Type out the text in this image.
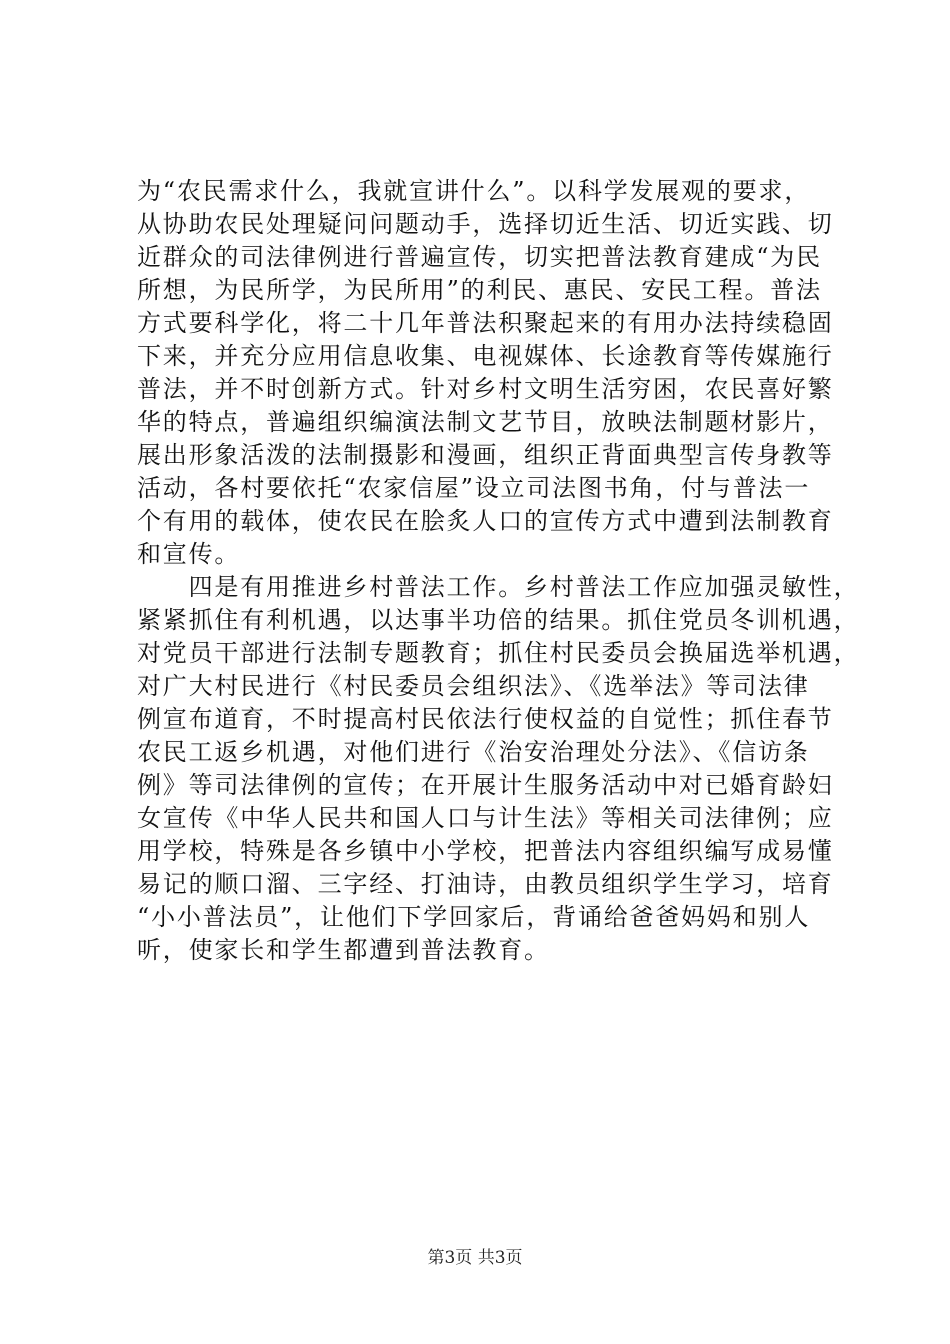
为“农民需求什么，我就宣讲什么”。以科学发展观的要求，
从协助农民处理疑问问题动手，选择切近生活、切近实践、切
近群众的司法律例进行普遍宣传，切实把普法教育建成“为民
所想，为民所学，为民所用”的利民、惠民、安民工程。普法
方式要科学化，将二十几年普法积聚起来的有用办法持续稳固
下来，并充分应用信息收集、电视媒体、长途教育等传媒施行
普法，并不时创新方式。针对乡村文明生活穷困，农民喜好繁
华的特点，普遍组织编演法制文艺节目，放映法制题材影片，
展出形象活泼的法制摄影和漫画，组织正背面典型言传身教等
活动，各村要依托“农家信屋”设立司法图书角，付与普法一
个有用的载体，使农民在脍炙人口的宣传方式中遭到法制教育
和宣传。
　　四是有用推进乡村普法工作。乡村普法工作应加强灵敏性，
紧紧抓住有利机遇，以达事半功倍的结果。抓住党员冬训机遇，
对党员干部进行法制专题教育；抓住村民委员会换届选举机遇，
对广大村民进行《村民委员会组织法》、《选举法》等司法律
例宣布道育，不时提高村民依法行使权益的自觉性；抓住春节
农民工返乡机遇，对他们进行《治安治理处分法》、《信访条
例》等司法律例的宣传；在开展计生服务活动中对已婚育龄妇
女宣传《中华人民共和国人口与计生法》等相关司法律例；应
用学校，特殊是各乡镇中小学校，把普法内容组织编写成易懂
易记的顺口溜、三字经、打油诗，由教员组织学生学习，培育
“小小普法员”，让他们下学回家后，背诵给爸爸妈妈和别人
听，使家长和学生都遭到普法教育。
第3页 共3页
